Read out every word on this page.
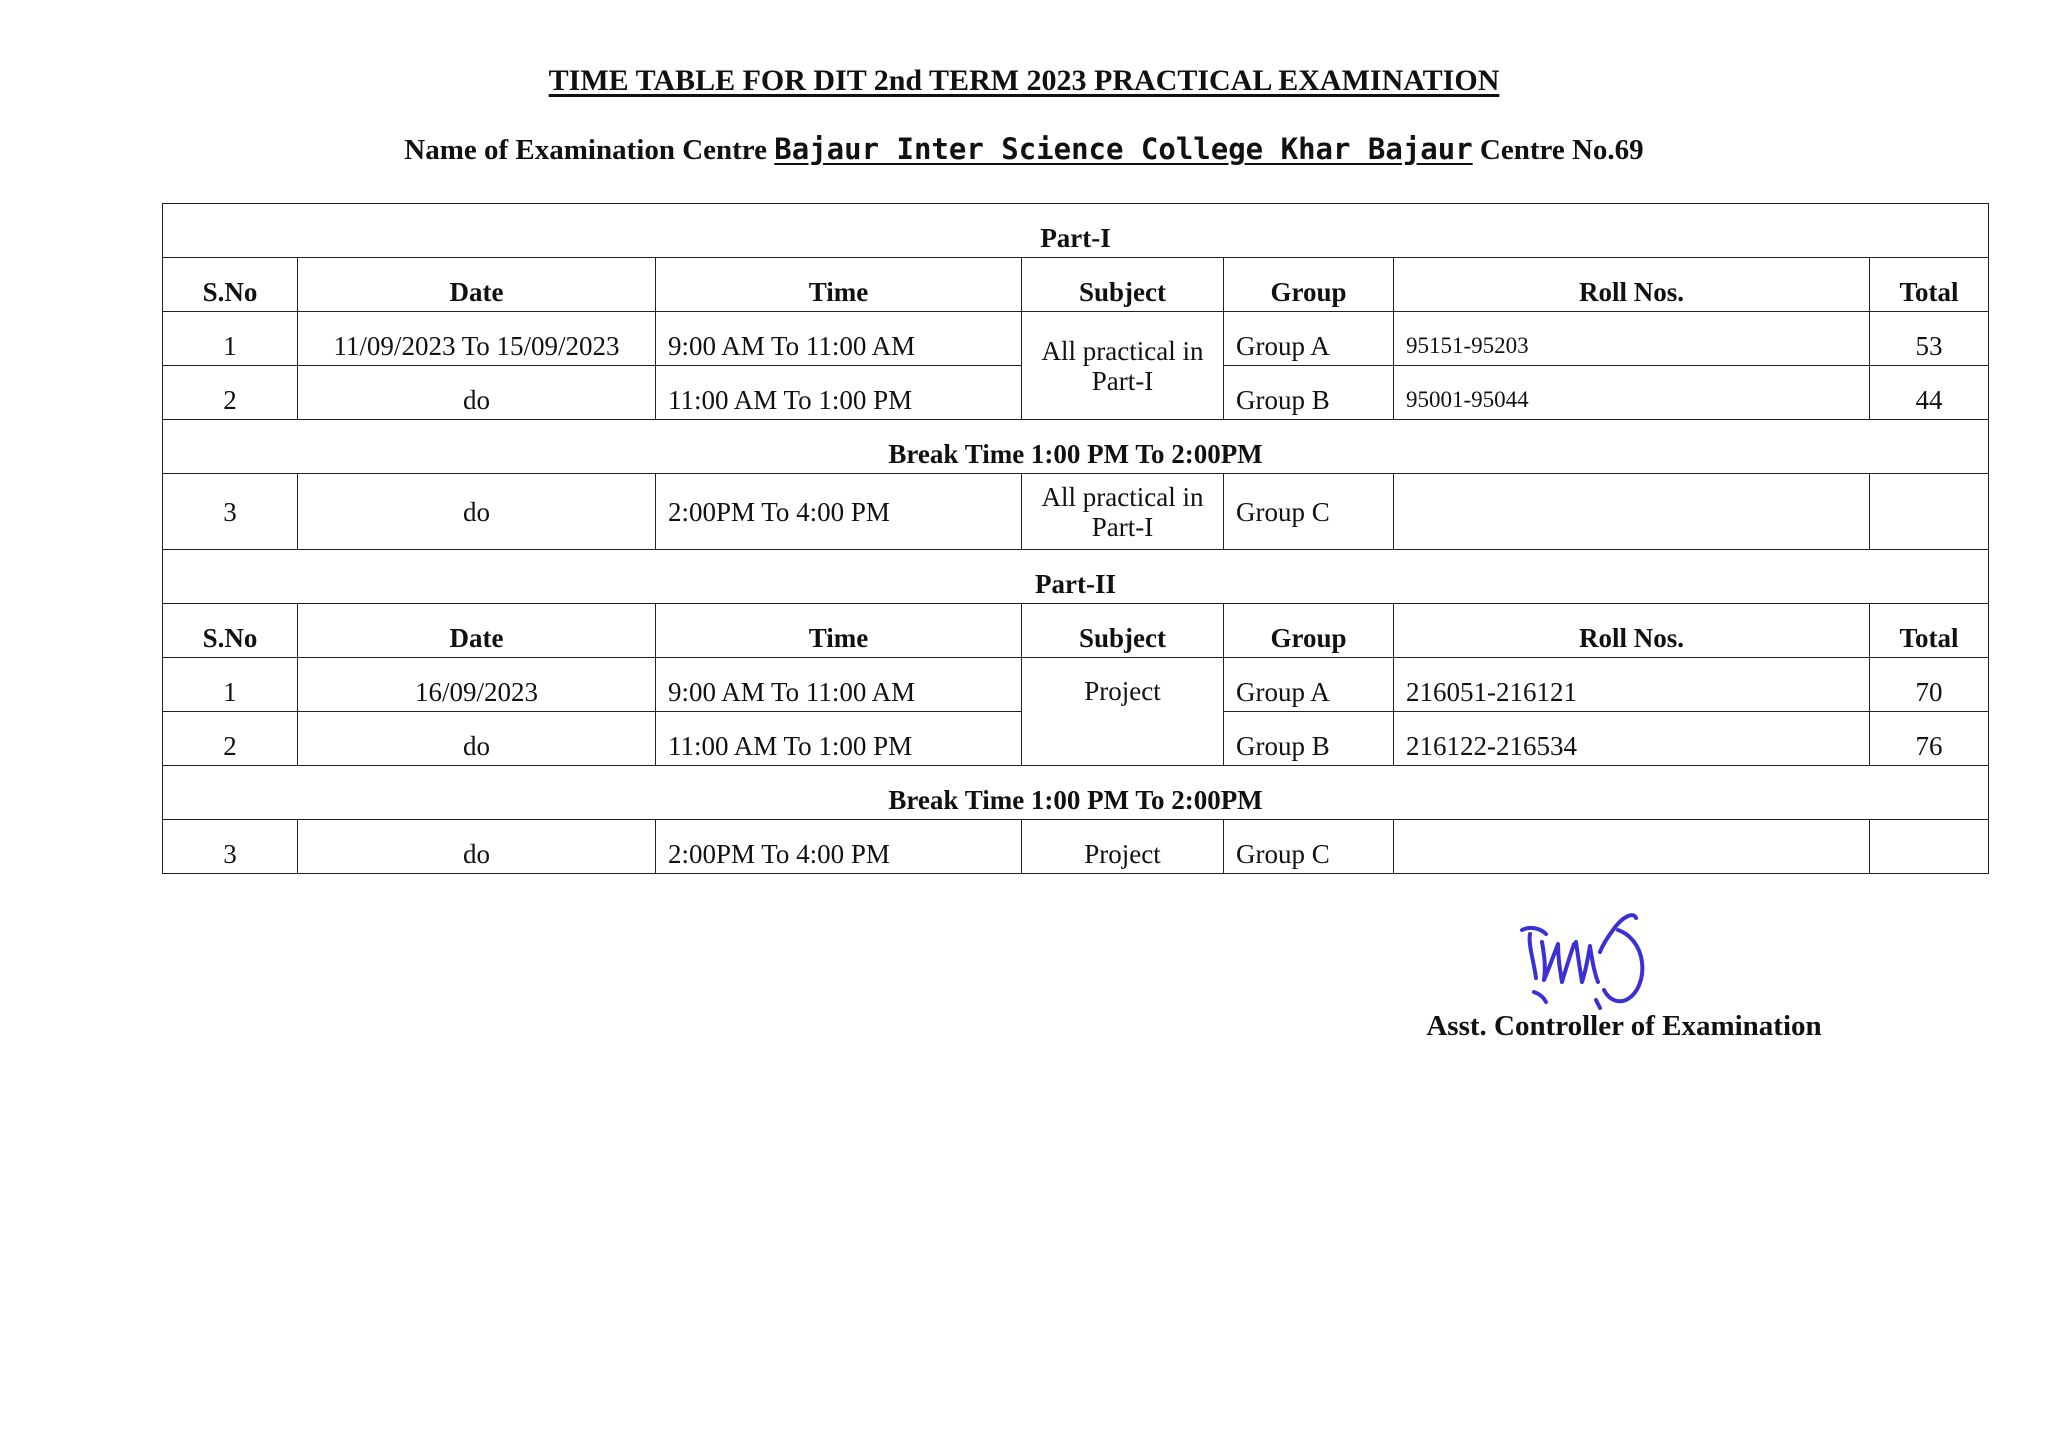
TIME TABLE FOR DIT 2nd TERM 2023 PRACTICAL EXAMINATION
Name of Examination Centre Bajaur Inter Science College Khar Bajaur Centre No.69
Part-I						
S.No	Date	Time	Subject	Group	Roll Nos.	Total
1	11/09/2023 To 15/09/2023	9:00 AM To 11:00 AM	All practical in Part-I	Group A	95151-95203	53
2	do	11:00 AM To 1:00 PM		Group B	95001-95044	44
Break Time 1:00 PM To 2:00PM						
3	do	2:00PM To 4:00 PM	All practical in Part-I	Group C		
Part-II						
S.No	Date	Time	Subject	Group	Roll Nos.	Total
1	16/09/2023	9:00 AM To 11:00 AM	Project	Group A	216051-216121	70
2	do	11:00 AM To 1:00 PM		Group B	216122-216534	76
Break Time 1:00 PM To 2:00PM						
3	do	2:00PM To 4:00 PM	Project	Group C		
Asst. Controller of Examination
